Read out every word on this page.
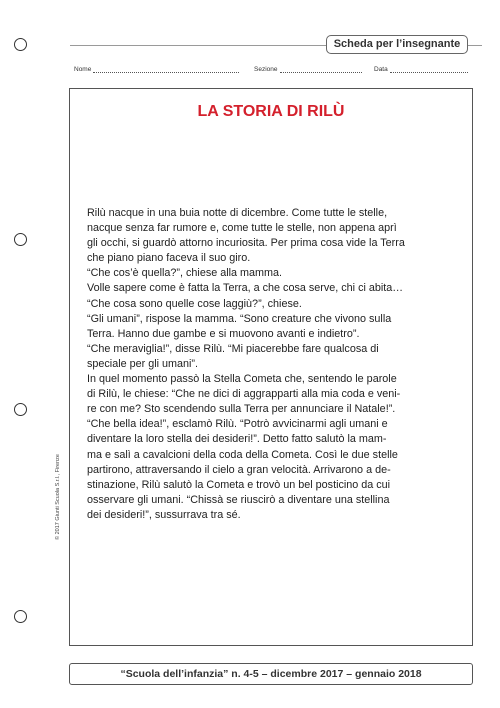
Scheda per l’insegnante
Nome	Sezione	Data
LA STORIA DI RILÙ

Rilù nacque in una buia notte di dicembre. Come tutte le stelle,

nacque senza far rumore e, come tutte le stelle, non appena aprì

gli occhi, si guardò attorno incuriosita. Per prima cosa vide la Terra

che piano piano faceva il suo giro.

“Che cos’è quella?”, chiese alla mamma.

Volle sapere come è fatta la Terra, a che cosa serve, chi ci abita…

“Che cosa sono quelle cose laggiù?”, chiese.

“Gli umani”, rispose la mamma. “Sono creature che vivono sulla

Terra. Hanno due gambe e si muovono avanti e indietro”.

“Che meraviglia!”, disse Rilù. “Mi piacerebbe fare qualcosa di

speciale per gli umani”.

In quel momento passò la Stella Cometa che, sentendo le parole

di Rilù, le chiese: “Che ne dici di aggrapparti alla mia coda e veni-

re con me? Sto scendendo sulla Terra per annunciare il Natale!”.

“Che bella idea!”, esclamò Rilù. “Potrò avvicinarmi agli umani e

diventare la loro stella dei desideri!”. Detto fatto salutò la mam-

ma e salì a cavalcioni della coda della Cometa. Così le due stelle

partirono, attraversando il cielo a gran velocità. Arrivarono a de-

stinazione, Rilù salutò la Cometa e trovò un bel posticino da cui

osservare gli umani. “Chissà se riuscirò a diventare una stellina

dei desideri!”, sussurrava tra sé.

© 2017 Giunti Scuola S.r.l., Firenze
“Scuola dell’infanzia” n. 4-5 – dicembre 2017 – gennaio 2018
